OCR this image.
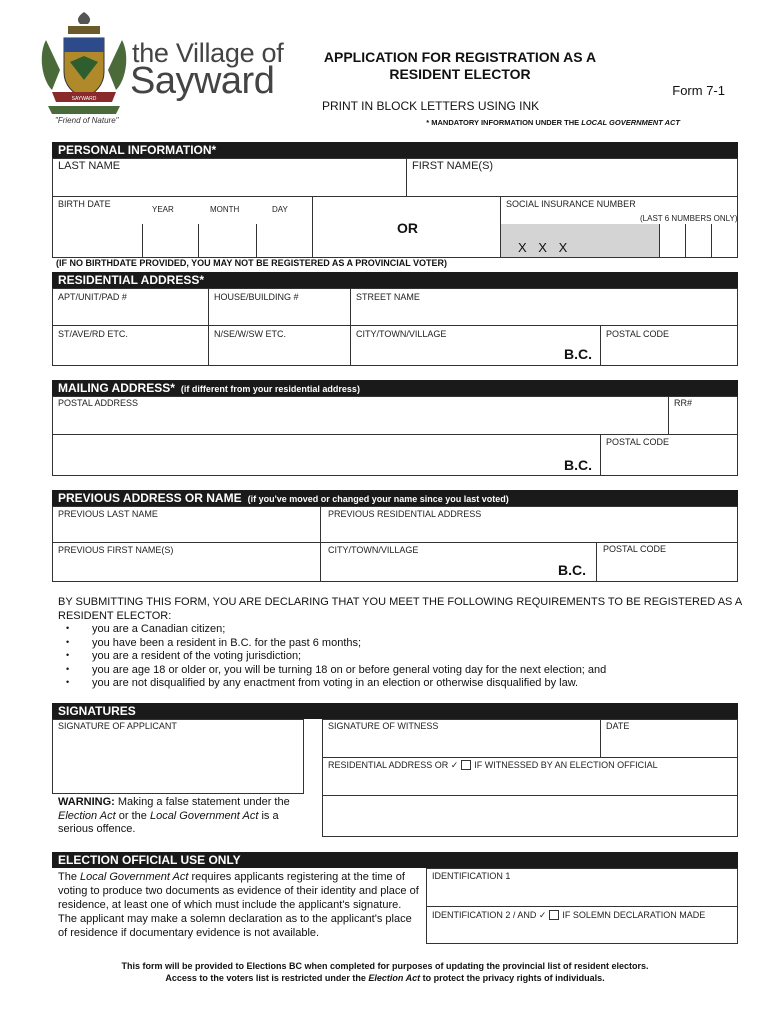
SAYWARD
the Village of
Sayward
"Friend of Nature"
APPLICATION FOR REGISTRATION AS A
RESIDENT ELECTOR
Form 7-1
PRINT IN BLOCK LETTERS USING INK
* MANDATORY INFORMATION UNDER THE LOCAL GOVERNMENT ACT
PERSONAL INFORMATION*
LAST NAME	FIRST NAME(S)
BIRTH DATE
YEAR	MONTH	DAY
OR
SOCIAL INSURANCE NUMBER
(LAST 6 NUMBERS ONLY)
X X X
(IF NO BIRTHDATE PROVIDED, YOU MAY NOT BE REGISTERED AS A PROVINCIAL VOTER)
RESIDENTIAL ADDRESS*
APT/UNIT/PAD #	HOUSE/BUILDING #	STREET NAME
ST/AVE/RD ETC.	N/SE/W/SW ETC.	CITY/TOWN/VILLAGE	POSTAL CODE
B.C.
MAILING ADDRESS* (if different from your residential address)
POSTAL ADDRESS	RR#
POSTAL CODE
B.C.
PREVIOUS ADDRESS OR NAME (if you've moved or changed your name since you last voted)
PREVIOUS LAST NAME	PREVIOUS RESIDENTIAL ADDRESS
PREVIOUS FIRST NAME(S)	CITY/TOWN/VILLAGE	POSTAL CODE
B.C.
BY SUBMITTING THIS FORM, YOU ARE DECLARING THAT YOU MEET THE FOLLOWING REQUIREMENTS TO BE REGISTERED AS A RESIDENT ELECTOR:
• you are a Canadian citizen;
• you have been a resident in B.C. for the past 6 months;
• you are a resident of the voting jurisdiction;
• you are age 18 or older or, you will be turning 18 on or before general voting day for the next election; and
• you are not disqualified by any enactment from voting in an election or otherwise disqualified by law.
SIGNATURES
SIGNATURE OF APPLICANT	SIGNATURE OF WITNESS	DATE
RESIDENTIAL ADDRESS OR ✓ IF WITNESSED BY AN ELECTION OFFICIAL
WARNING: Making a false statement under the Election Act or the Local Government Act is a serious offence.
ELECTION OFFICIAL USE ONLY
IDENTIFICATION 1
IDENTIFICATION 2 / AND ✓ IF SOLEMN DECLARATION MADE
The Local Government Act requires applicants registering at the time of voting to produce two documents as evidence of their identity and place of residence, at least one of which must include the applicant's signature. The applicant may make a solemn declaration as to the applicant's place of residence if documentary evidence is not available.
This form will be provided to Elections BC when completed for purposes of updating the provincial list of resident electors.
Access to the voters list is restricted under the Election Act to protect the privacy rights of individuals.
